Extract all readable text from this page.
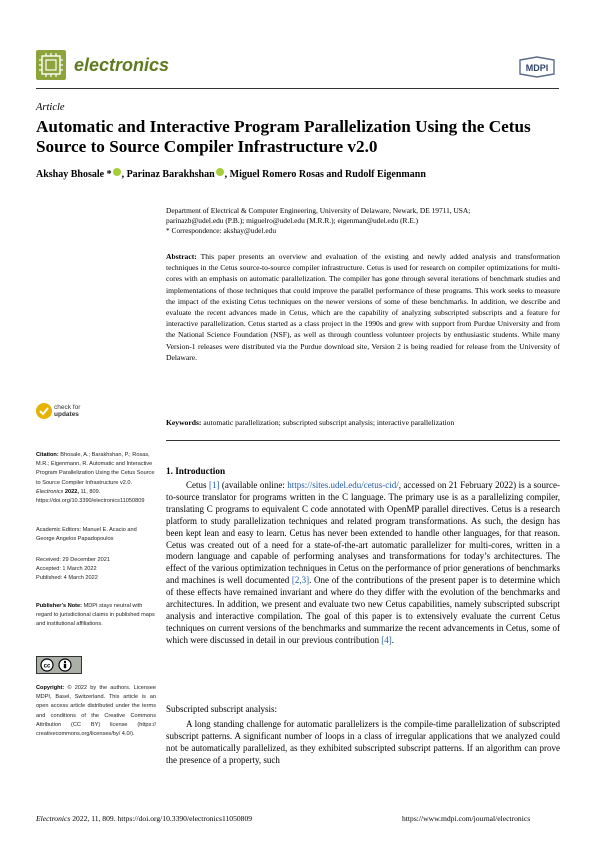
electronics	MDPI
Article
Automatic and Interactive Program Parallelization Using the Cetus Source to Source Compiler Infrastructure v2.0
Akshay Bhosale * , Parinaz Barakhshan , Miguel Romero Rosas and Rudolf Eigenmann
Department of Electrical & Computer Engineering, University of Delaware, Newark, DE 19711, USA;
parinazb@udel.edu (P.B.); miguelro@udel.edu (M.R.R.); eigenman@udel.edu (R.E.)
* Correspondence: akshay@udel.edu
Abstract: This paper presents an overview and evaluation of the existing and newly added analysis and transformation techniques in the Cetus source-to-source compiler infrastructure. Cetus is used for research on compiler optimizations for multi-cores with an emphasis on automatic parallelization. The compiler has gone through several iterations of benchmark studies and implementations of those techniques that could improve the parallel performance of these programs. This work seeks to measure the impact of the existing Cetus techniques on the newer versions of some of these benchmarks. In addition, we describe and evaluate the recent advances made in Cetus, which are the capability of analyzing subscripted subscripts and a feature for interactive parallelization. Cetus started as a class project in the 1990s and grew with support from Purdue University and from the National Science Foundation (NSF), as well as through countless volunteer projects by enthusiastic students. While many Version-1 releases were distributed via the Purdue download site, Version 2 is being readied for release from the University of Delaware.
Keywords: automatic parallelization; subscripted subscript analysis; interactive parallelization
check for
updates
Citation: Bhosale, A.; Barakhshan, P.; Rosas, M.R.; Eigenmann, R. Automatic and Interactive Program Parallelization Using the Cetus Source to Source Compiler Infrastructure v2.0. Electronics 2022, 11, 809. https://doi.org/10.3390/electronics11050809
Academic Editors: Manuel E. Acacio and George Angelos Papadopoulos
Received: 29 December 2021
Accepted: 1 March 2022
Published: 4 March 2022
Publisher’s Note: MDPI stays neutral with regard to jurisdictional claims in published maps and institutional affiliations.
cc
Copyright: © 2022 by the authors. Licensee MDPI, Basel, Switzerland. This article is an open access article distributed under the terms and conditions of the Creative Commons Attribution (CC BY) license (https:// creativecommons.org/licenses/by/ 4.0/).
1. Introduction

Cetus [1] (available online: https://sites.udel.edu/cetus-cid/, accessed on 21 February 2022) is a source-to-source translator for programs written in the C language. The primary use is as a parallelizing compiler, translating C programs to equivalent C code annotated with OpenMP parallel directives. Cetus is a research platform to study parallelization techniques and related program transformations. As such, the design has been kept lean and easy to learn. Cetus has never been extended to handle other languages, for that reason. Cetus was created out of a need for a state-of-the-art automatic parallelizer for multi-cores, written in a modern language and capable of performing analyses and transformations for today’s architectures. The effect of the various optimization techniques in Cetus on the performance of prior generations of benchmarks and machines is well documented [2,3]. One of the contributions of the present paper is to determine which of these effects have remained invariant and where do they differ with the evolution of the benchmarks and architectures. In addition, we present and evaluate two new Cetus capabilities, namely subscripted subscript analysis and interactive compilation. The goal of this paper is to extensively evaluate the current Cetus techniques on current versions of the benchmarks and summarize the recent advancements in Cetus, some of which were discussed in detail in our previous contribution [4].

Subscripted subscript analysis:
A long standing challenge for automatic parallelizers is the compile-time parallelization of subscripted subscript patterns. A significant number of loops in a class of irregular applications that we analyzed could not be automatically parallelized, as they exhibited subscripted subscript patterns. If an algorithm can prove the presence of a property, such
Electronics 2022, 11, 809. https://doi.org/10.3390/electronics11050809	https://www.mdpi.com/journal/electronics
